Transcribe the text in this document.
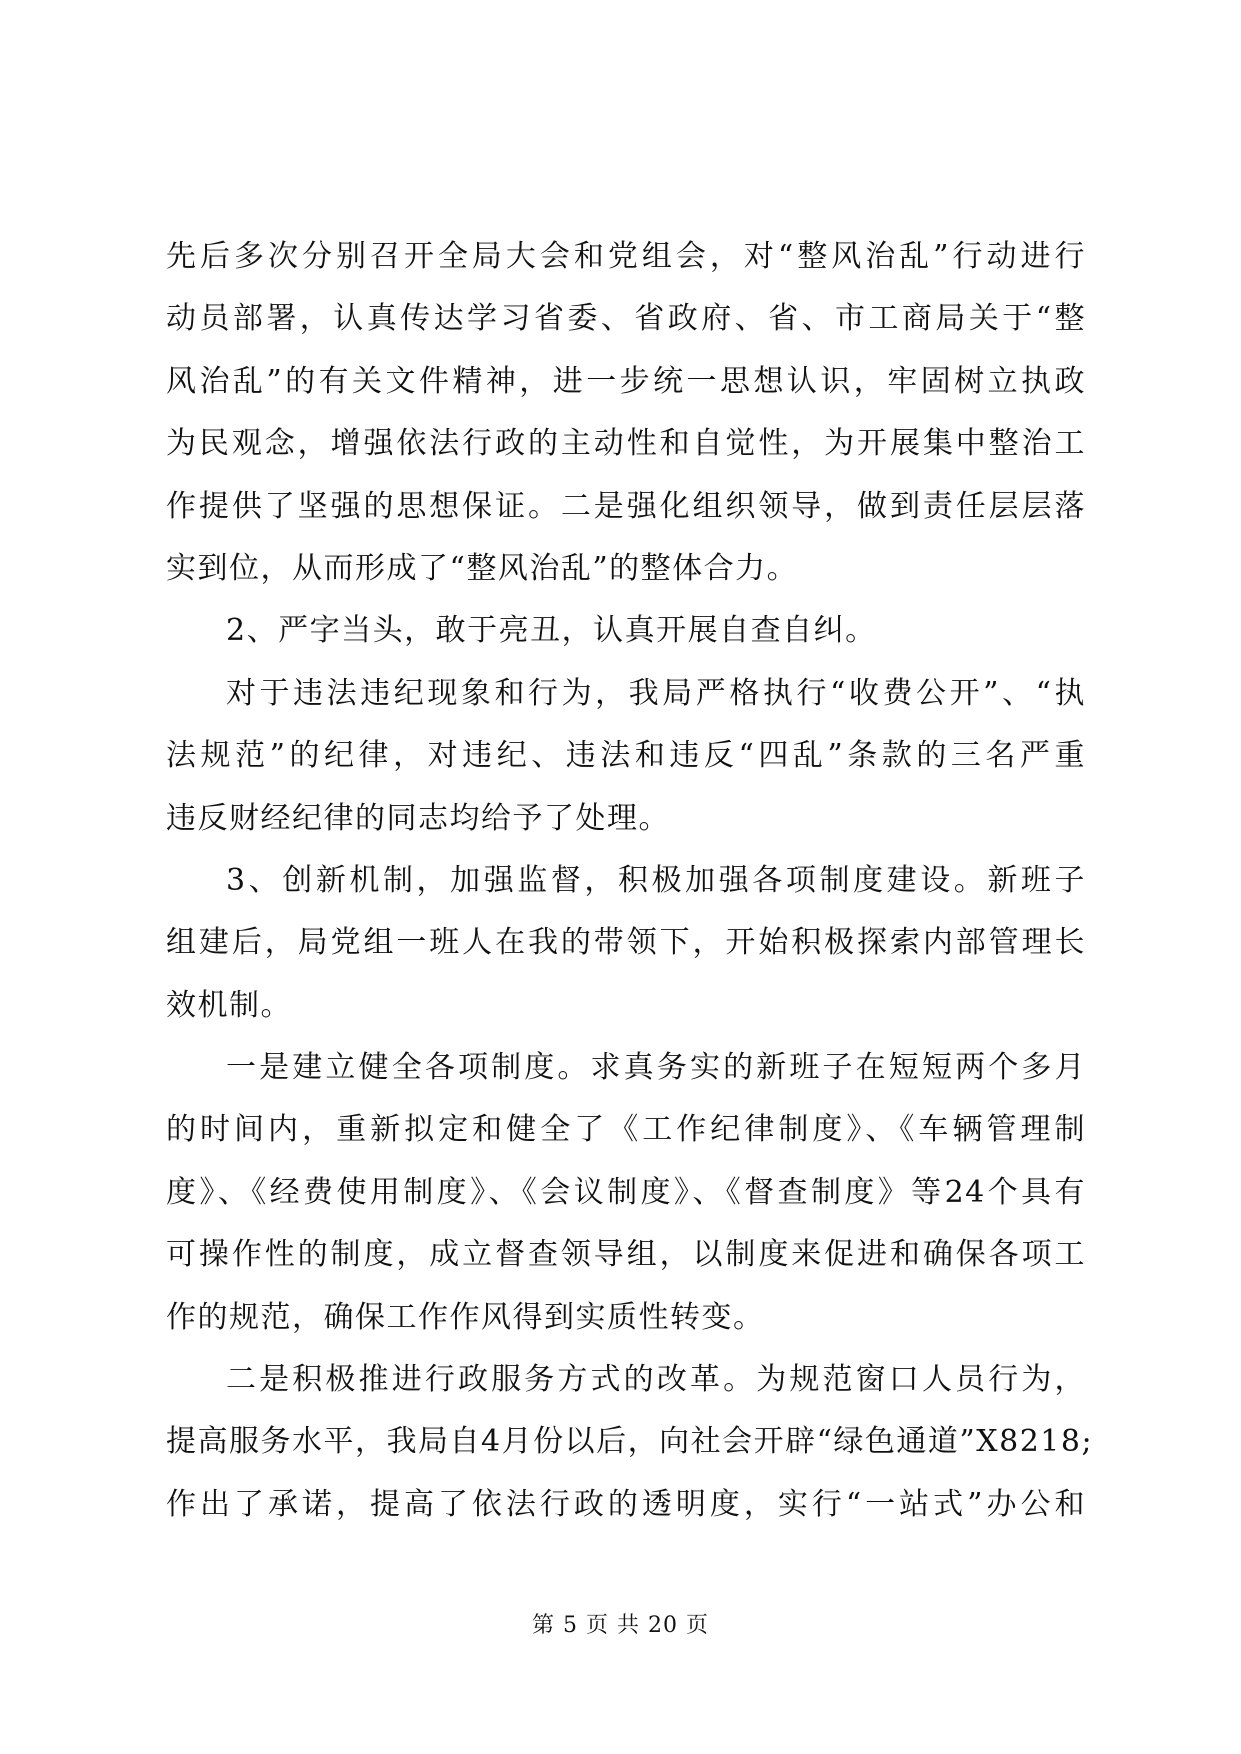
先后多次分别召开全局大会和党组会，对“整风治乱”行动进行
动员部署，认真传达学习省委、省政府、省、市工商局关于“整
风治乱”的有关文件精神，进一步统一思想认识，牢固树立执政
为民观念，增强依法行政的主动性和自觉性，为开展集中整治工
作提供了坚强的思想保证。二是强化组织领导，做到责任层层落
实到位，从而形成了“整风治乱”的整体合力。
2、严字当头，敢于亮丑，认真开展自查自纠。
对于违法违纪现象和行为，我局严格执行“收费公开”、“执
法规范”的纪律，对违纪、违法和违反“四乱”条款的三名严重
违反财经纪律的同志均给予了处理。
3、创新机制，加强监督，积极加强各项制度建设。新班子
组建后，局党组一班人在我的带领下，开始积极探索内部管理长
效机制。
一是建立健全各项制度。求真务实的新班子在短短两个多月
的时间内，重新拟定和健全了《工作纪律制度》、《车辆管理制
度》、《经费使用制度》、《会议制度》、《督查制度》等24个具有
可操作性的制度，成立督查领导组，以制度来促进和确保各项工
作的规范，确保工作作风得到实质性转变。
二是积极推进行政服务方式的改革。为规范窗口人员行为，
提高服务水平，我局自4月份以后，向社会开辟“绿色通道”X8218;
作出了承诺，提高了依法行政的透明度，实行“一站式”办公和
第 5 页 共 20 页
